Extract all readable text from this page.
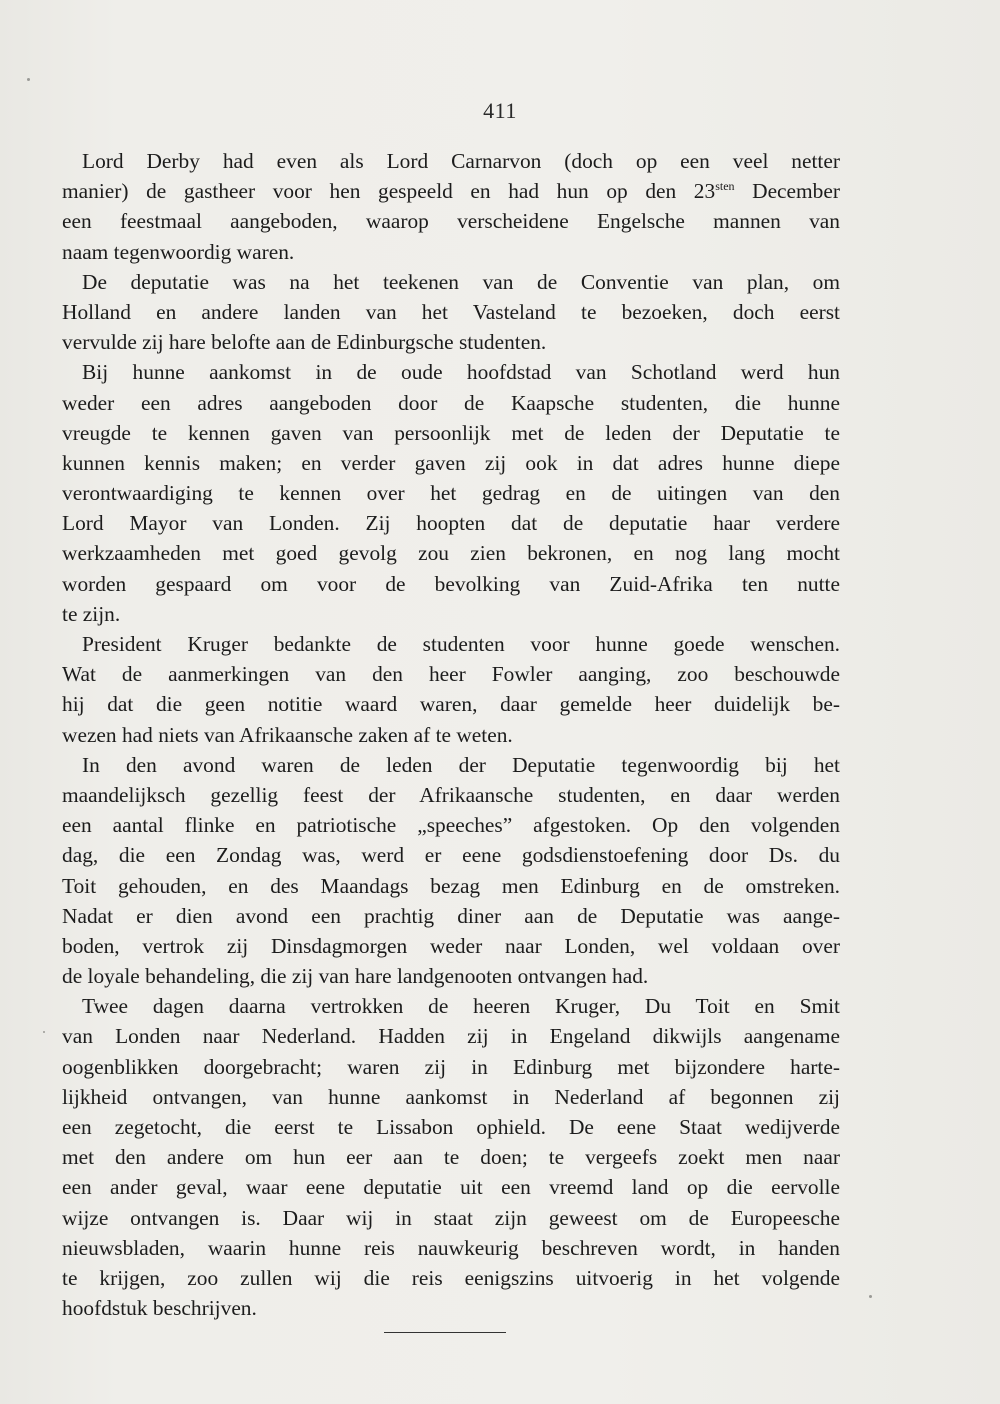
411
Lord Derby had even als Lord Carnarvon (doch op een veel netter
manier) de gastheer voor hen gespeeld en had hun op den $23^{sten}$ December
een feestmaal aangeboden, waarop verscheidene Engelsche mannen van
naam tegenwoordig waren.
De deputatie was na het teekenen van de Conventie van plan, om
Holland en andere landen van het Vasteland te bezoeken, doch eerst
vervulde zij hare belofte aan de Edinburgsche studenten.
Bij hunne aankomst in de oude hoofdstad van Schotland werd hun
weder een adres aangeboden door de Kaapsche studenten, die hunne
vreugde te kennen gaven van persoonlijk met de leden der Deputatie te
kunnen kennis maken; en verder gaven zij ook in dat adres hunne diepe
verontwaardiging te kennen over het gedrag en de uitingen van den
Lord Mayor van Londen. Zij hoopten dat de deputatie haar verdere
werkzaamheden met goed gevolg zou zien bekronen, en nog lang mocht
worden gespaard om voor de bevolking van Zuid-Afrika ten nutte
te zijn.
President Kruger bedankte de studenten voor hunne goede wenschen.
Wat de aanmerkingen van den heer Fowler aanging, zoo beschouwde
hij dat die geen notitie waard waren, daar gemelde heer duidelijk be-
wezen had niets van Afrikaansche zaken af te weten.
In den avond waren de leden der Deputatie tegenwoordig bij het
maandelijksch gezellig feest der Afrikaansche studenten, en daar werden
een aantal flinke en patriotische „speeches” afgestoken. Op den volgenden
dag, die een Zondag was, werd er eene godsdienstoefening door Ds. du
Toit gehouden, en des Maandags bezag men Edinburg en de omstreken.
Nadat er dien avond een prachtig diner aan de Deputatie was aange-
boden, vertrok zij Dinsdagmorgen weder naar Londen, wel voldaan over
de loyale behandeling, die zij van hare landgenooten ontvangen had.
Twee dagen daarna vertrokken de heeren Kruger, Du Toit en Smit
van Londen naar Nederland. Hadden zij in Engeland dikwijls aangename
oogenblikken doorgebracht; waren zij in Edinburg met bijzondere harte-
lijkheid ontvangen, van hunne aankomst in Nederland af begonnen zij
een zegetocht, die eerst te Lissabon ophield. De eene Staat wedijverde
met den andere om hun eer aan te doen; te vergeefs zoekt men naar
een ander geval, waar eene deputatie uit een vreemd land op die eervolle
wijze ontvangen is. Daar wij in staat zijn geweest om de Europeesche
nieuwsbladen, waarin hunne reis nauwkeurig beschreven wordt, in handen
te krijgen, zoo zullen wij die reis eenigszins uitvoerig in het volgende
hoofdstuk beschrijven.
